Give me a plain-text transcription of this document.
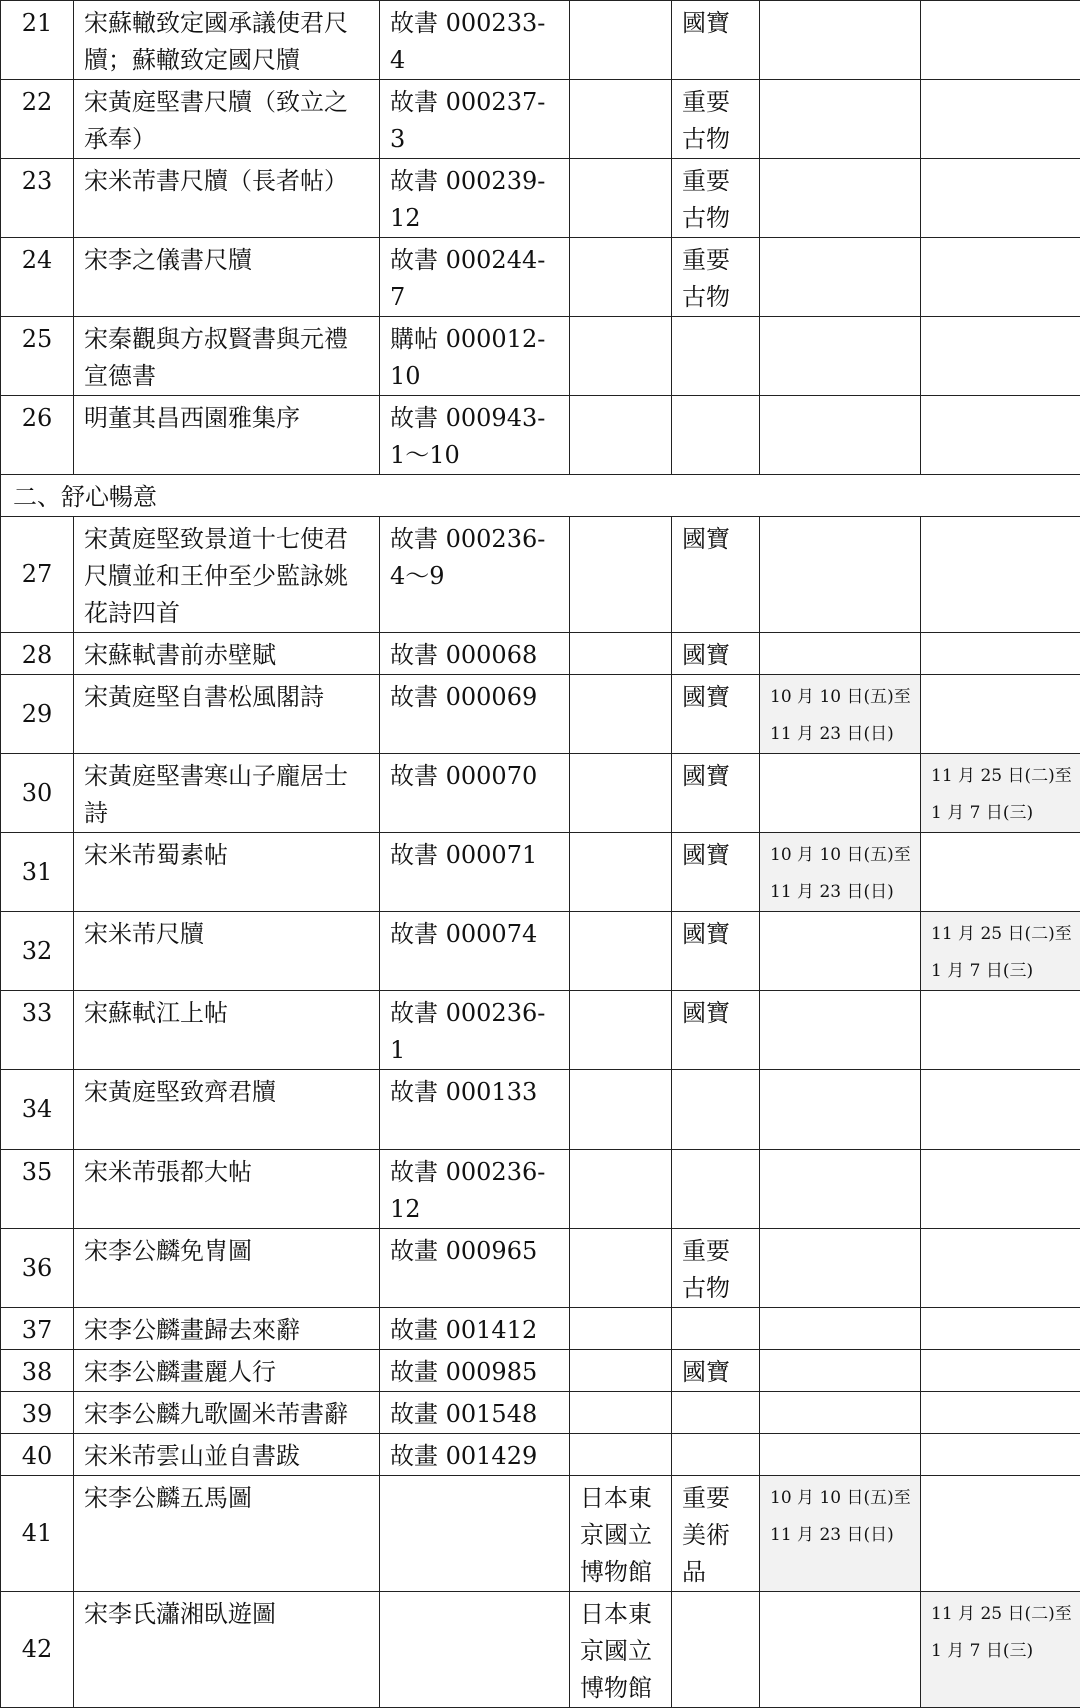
21	宋蘇轍致定國承議使君尺牘；蘇轍致定國尺牘	故書 000233-4		國寶		
22	宋黃庭堅書尺牘（致立之承奉）	故書 000237-3		重要古物		
23	宋米芾書尺牘（長者帖）	故書 000239-12		重要古物		
24	宋李之儀書尺牘	故書 000244-7		重要古物		
25	宋秦觀與方叔賢書與元禮宣德書	購帖 000012-10				
26	明董其昌西園雅集序	故書 000943-1～10				
二、舒心暢意						
27	宋黃庭堅致景道十七使君尺牘並和王仲至少監詠姚花詩四首	故書 000236-4～9		國寶		
28	宋蘇軾書前赤壁賦	故書 000068		國寶		
29	宋黃庭堅自書松風閣詩	故書 000069		國寶	10 月 10 日(五)至 11 月 23 日(日)	
30	宋黃庭堅書寒山子龐居士詩	故書 000070		國寶		11 月 25 日(二)至 1 月 7 日(三)
31	宋米芾蜀素帖	故書 000071		國寶	10 月 10 日(五)至 11 月 23 日(日)	
32	宋米芾尺牘	故書 000074		國寶		11 月 25 日(二)至 1 月 7 日(三)
33	宋蘇軾江上帖	故書 000236-1		國寶		
34	宋黃庭堅致齊君牘	故書 000133				
35	宋米芾張都大帖	故書 000236-12				
36	宋李公麟免冑圖	故畫 000965		重要古物		
37	宋李公麟畫歸去來辭	故畫 001412				
38	宋李公麟畫麗人行	故畫 000985		國寶		
39	宋李公麟九歌圖米芾書辭	故畫 001548				
40	宋米芾雲山並自書跋	故畫 001429				
41	宋李公麟五馬圖		日本東京國立博物館	重要美術品	10 月 10 日(五)至 11 月 23 日(日)	
42	宋李氏瀟湘臥遊圖		日本東京國立博物館			11 月 25 日(二)至 1 月 7 日(三)
